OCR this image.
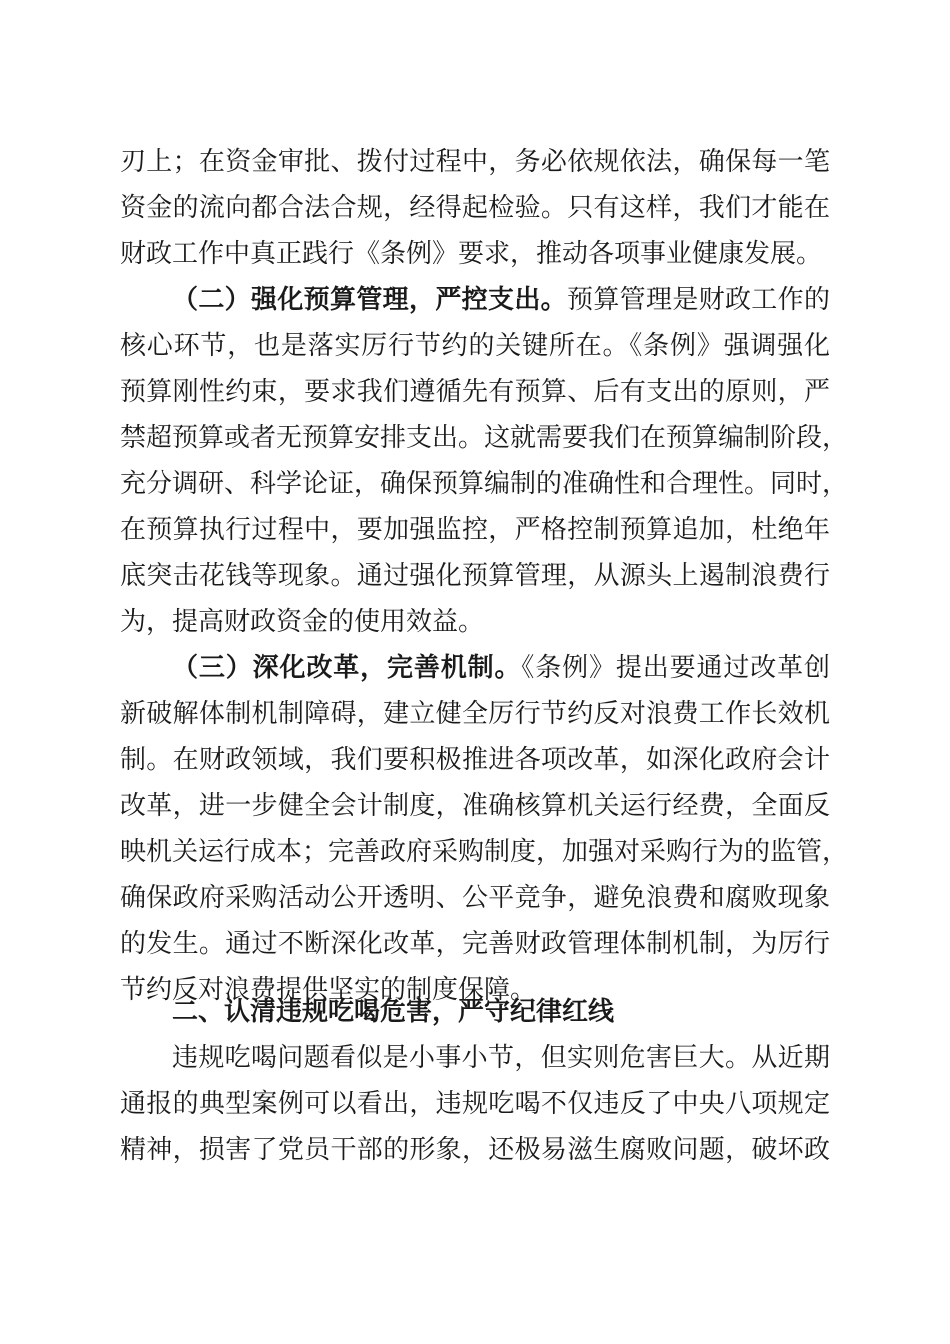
刃上；在资金审批、拨付过程中，务必依规依法，确保每一笔
资金的流向都合法合规，经得起检验。只有这样，我们才能在
财政工作中真正践行《条例》要求，推动各项事业健康发展。
（二）强化预算管理，严控支出。预算管理是财政工作的
核心环节，也是落实厉行节约的关键所在。《条例》强调强化
预算刚性约束，要求我们遵循先有预算、后有支出的原则，严
禁超预算或者无预算安排支出。这就需要我们在预算编制阶段，
充分调研、科学论证，确保预算编制的准确性和合理性。同时，
在预算执行过程中，要加强监控，严格控制预算追加，杜绝年
底突击花钱等现象。通过强化预算管理，从源头上遏制浪费行
为，提高财政资金的使用效益。
（三）深化改革，完善机制。《条例》提出要通过改革创
新破解体制机制障碍，建立健全厉行节约反对浪费工作长效机
制。在财政领域，我们要积极推进各项改革，如深化政府会计
改革，进一步健全会计制度，准确核算机关运行经费，全面反
映机关运行成本；完善政府采购制度，加强对采购行为的监管，
确保政府采购活动公开透明、公平竞争，避免浪费和腐败现象
的发生。通过不断深化改革，完善财政管理体制机制，为厉行
节约反对浪费提供坚实的制度保障。
二、认清违规吃喝危害，严守纪律红线
违规吃喝问题看似是小事小节，但实则危害巨大。从近期
通报的典型案例可以看出，违规吃喝不仅违反了中央八项规定
精神，损害了党员干部的形象，还极易滋生腐败问题，破坏政
